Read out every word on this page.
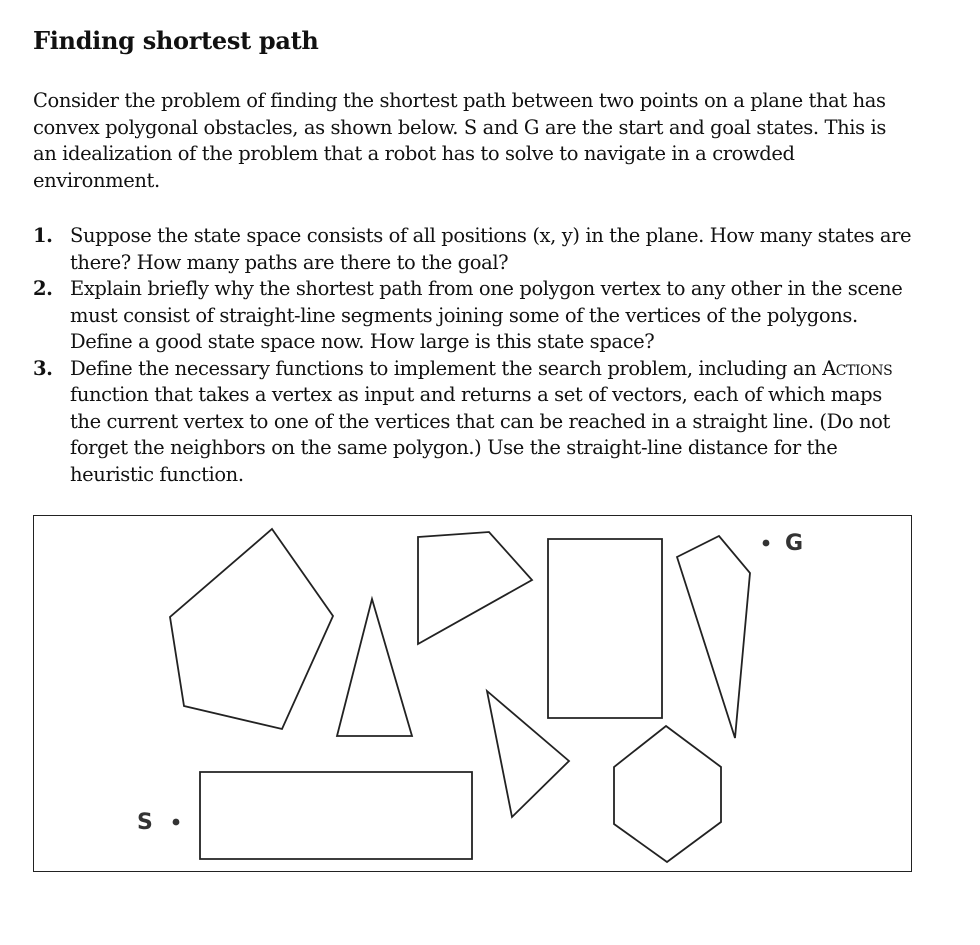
Finding shortest path

Consider the problem of finding the shortest path between two points on a plane that has convex polygonal obstacles, as shown below. S and G are the start and goal states. This is an idealization of the problem that a robot has to solve to navigate in a crowded environment.

1. Suppose the state space consists of all positions (x, y) in the plane. How many states are there? How many paths are there to the goal?
2. Explain briefly why the shortest path from one polygon vertex to any other in the scene must consist of straight-line segments joining some of the vertices of the polygons. Define a good state space now. How large is this state space?
3. Define the necessary functions to implement the search problem, including an Actions function that takes a vertex as input and returns a set of vectors, each of which maps the current vertex to one of the vertices that can be reached in a straight line. (Do not forget the neighbors on the same polygon.) Use the straight-line distance for the heuristic function.
G
S
